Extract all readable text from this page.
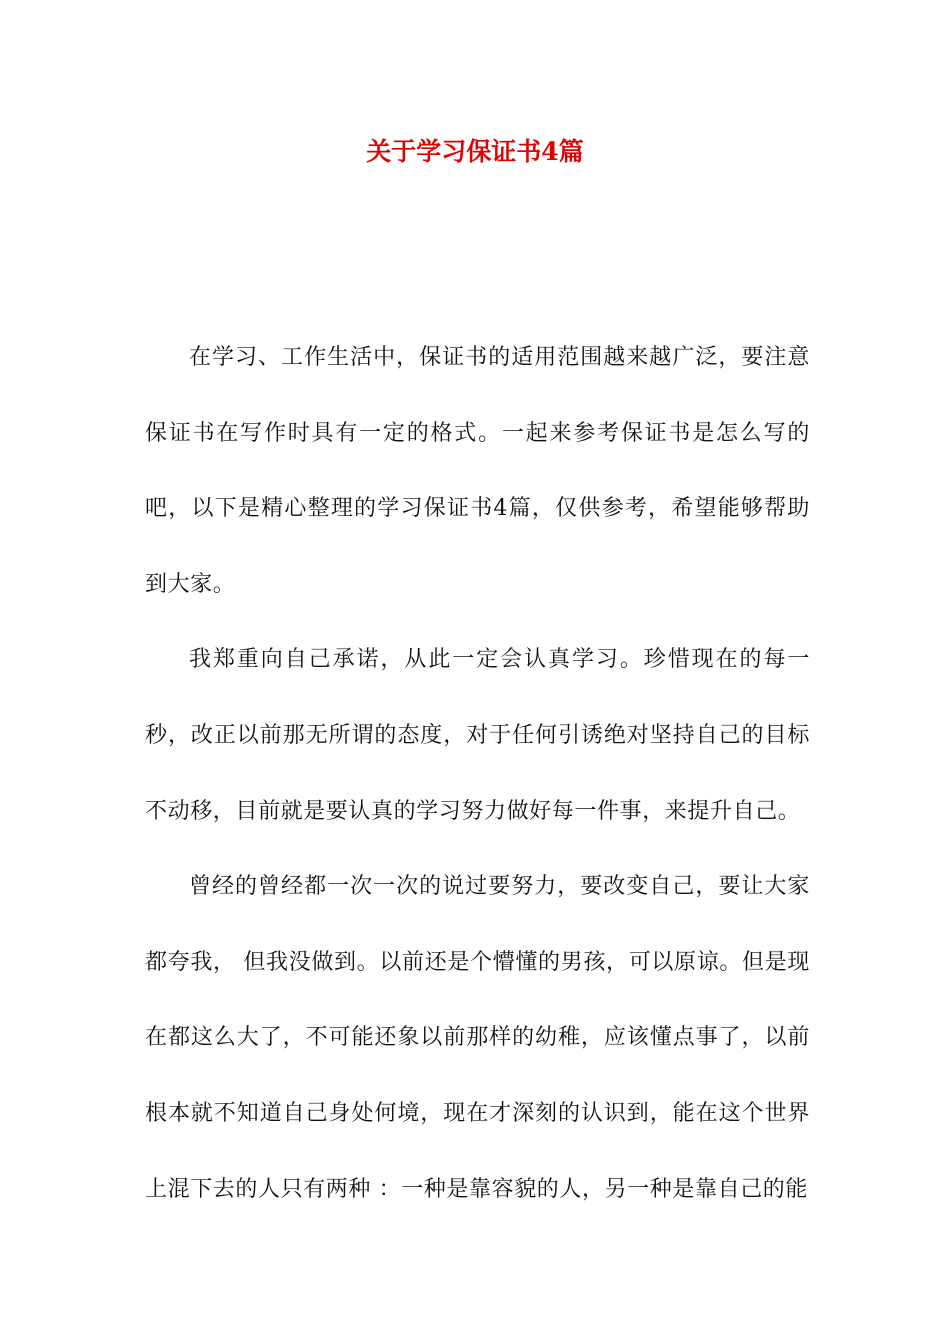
关于学习保证书4篇

在学习、工作生活中，保证书的适用范围越来越广泛，要注意保证书在写作时具有一定的格式。一起来参考保证书是怎么写的吧，以下是精心整理的学习保证书4篇，仅供参考，希望能够帮助到大家。

我郑重向自己承诺，从此一定会认真学习。珍惜现在的每一秒，改正以前那无所谓的态度，对于任何引诱绝对坚持自己的目标不动移，目前就是要认真的学习努力做好每一件事，来提升自己。

曾经的曾经都一次一次的说过要努力，要改变自己，要让大家都夸我， 但我没做到。以前还是个懵懂的男孩，可以原谅。但是现在都这么大了，不可能还象以前那样的幼稚，应该懂点事了，以前根本就不知道自己身处何境，现在才深刻的认识到，能在这个世界上混下去的人只有两种 ：一种是靠容貌的人，另一种是靠自己的能
